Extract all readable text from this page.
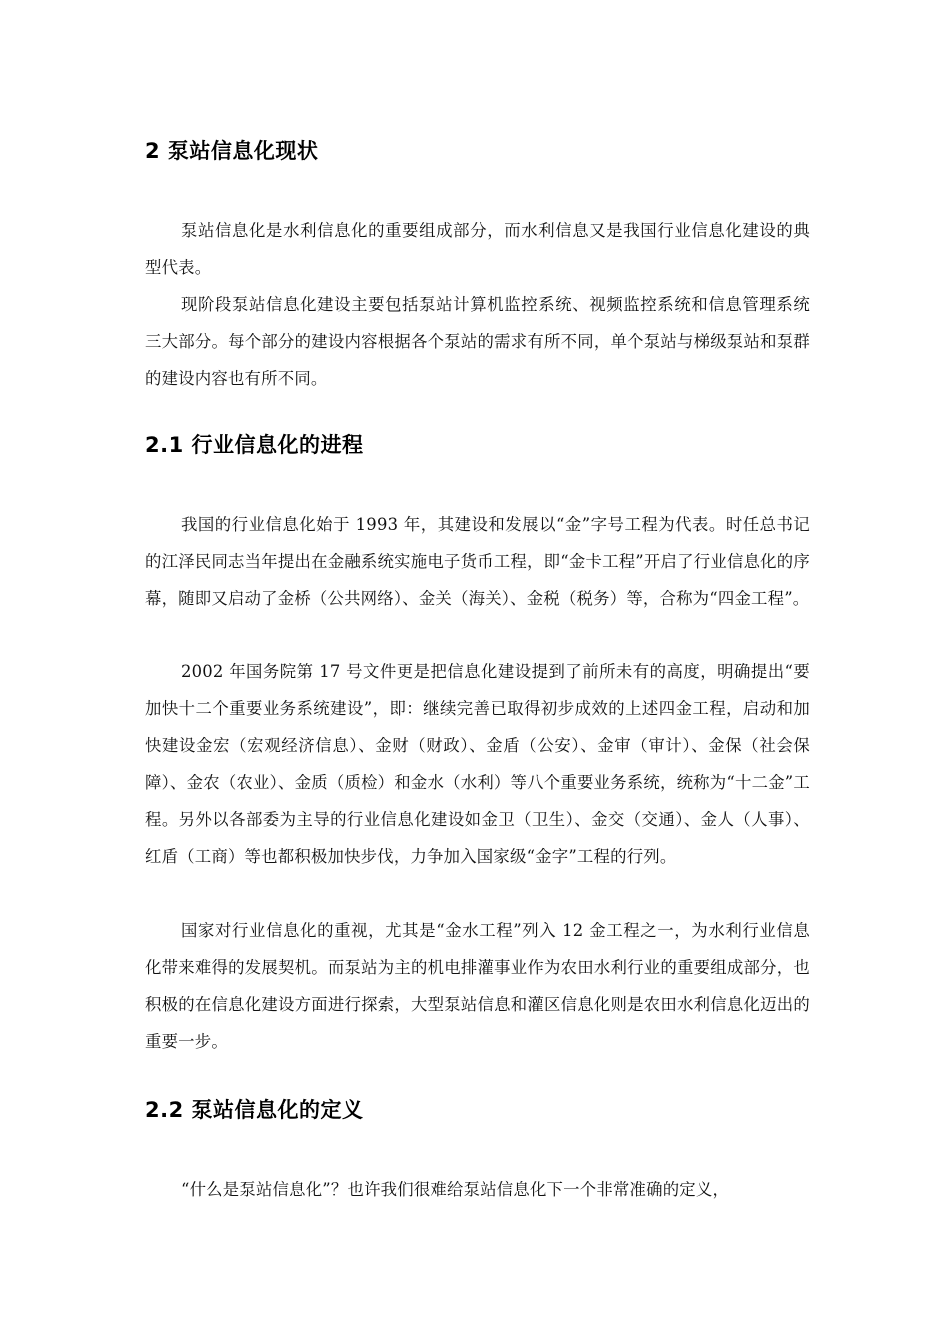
2 泵站信息化现状

泵站信息化是水利信息化的重要组成部分，而水利信息又是我国行业信息化建设的典型代表。

现阶段泵站信息化建设主要包括泵站计算机监控系统、视频监控系统和信息管理系统三大部分。每个部分的建设内容根据各个泵站的需求有所不同，单个泵站与梯级泵站和泵群的建设内容也有所不同。

2.1 行业信息化的进程

我国的行业信息化始于 1993 年，其建设和发展以“金”字号工程为代表。时任总书记的江泽民同志当年提出在金融系统实施电子货币工程，即“金卡工程”开启了行业信息化的序幕，随即又启动了金桥（公共网络）、金关（海关）、金税（税务）等，合称为“四金工程”。

2002 年国务院第 17 号文件更是把信息化建设提到了前所未有的高度，明确提出“要加快十二个重要业务系统建设”，即：继续完善已取得初步成效的上述四金工程，启动和加快建设金宏（宏观经济信息）、金财（财政）、金盾（公安）、金审（审计）、金保（社会保障）、金农（农业）、金质（质检）和金水（水利）等八个重要业务系统，统称为“十二金”工程。另外以各部委为主导的行业信息化建设如金卫（卫生）、金交（交通）、金人（人事）、红盾（工商）等也都积极加快步伐，力争加入国家级“金字”工程的行列。

国家对行业信息化的重视，尤其是“金水工程”列入 12 金工程之一，为水利行业信息化带来难得的发展契机。而泵站为主的机电排灌事业作为农田水利行业的重要组成部分，也积极的在信息化建设方面进行探索，大型泵站信息和灌区信息化则是农田水利信息化迈出的重要一步。

2.2 泵站信息化的定义

“什么是泵站信息化”？也许我们很难给泵站信息化下一个非常准确的定义，
